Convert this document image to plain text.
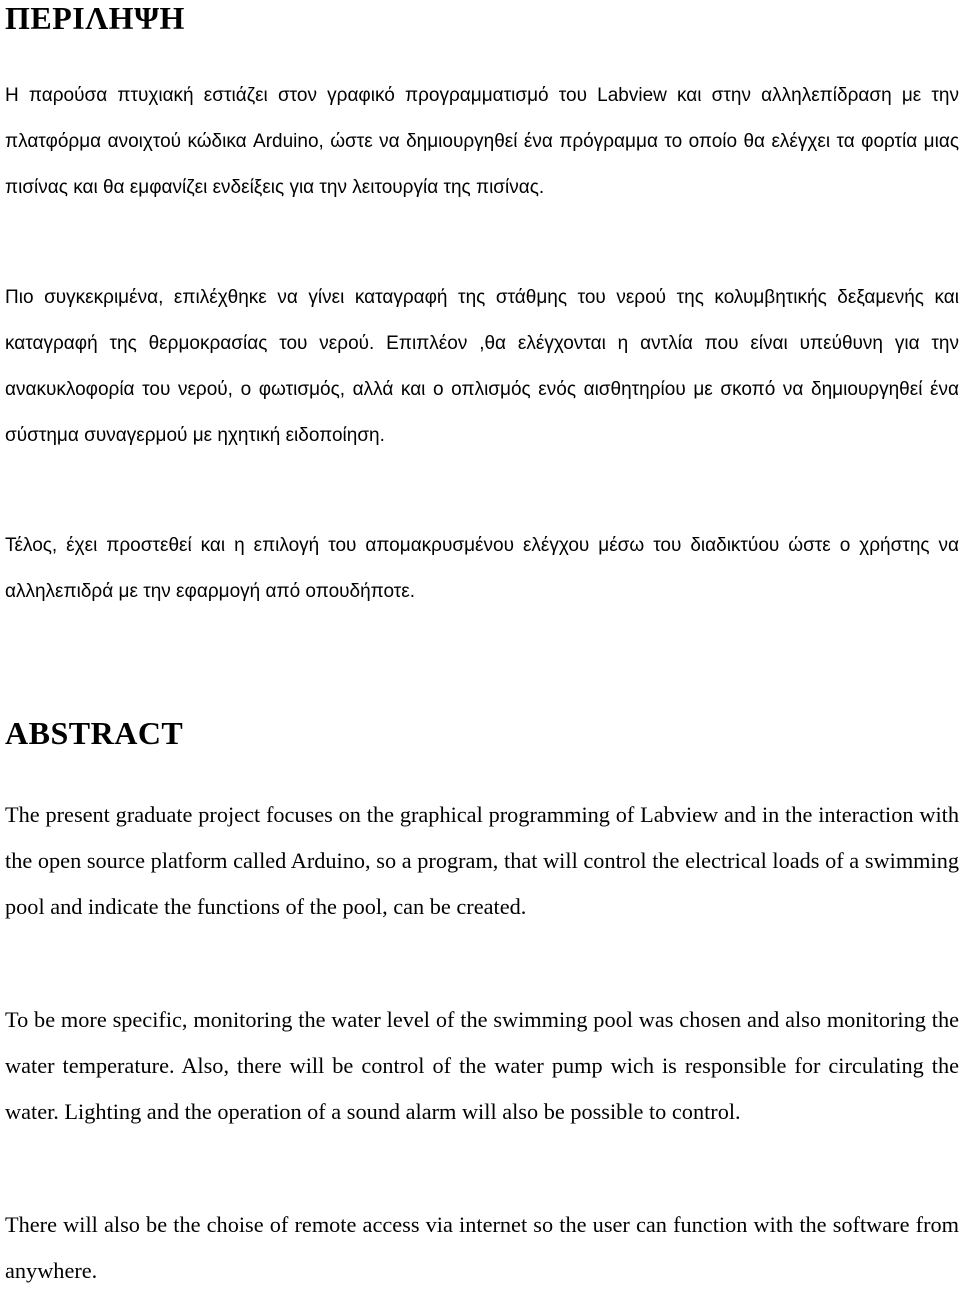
ΠΕΡΙΛΗΨΗ

Η παρούσα πτυχιακή εστιάζει στον γραφικό προγραμματισμό του Labview και στην αλληλεπίδραση με την πλατφόρμα ανοιχτού κώδικα Arduino, ώστε να δημιουργηθεί ένα πρόγραμμα το οποίο θα ελέγχει τα φορτία μιας πισίνας και θα εμφανίζει ενδείξεις για την λειτουργία της πισίνας.

Πιο συγκεκριμένα, επιλέχθηκε να γίνει καταγραφή της στάθμης του νερού της κολυμβητικής δεξαμενής και καταγραφή της θερμοκρασίας του νερού. Επιπλέον ,θα ελέγχονται η αντλία που είναι υπεύθυνη για την ανακυκλοφορία του νερού, ο φωτισμός, αλλά και ο οπλισμός ενός αισθητηρίου με σκοπό να δημιουργηθεί ένα σύστημα συναγερμού με ηχητική ειδοποίηση.

Τέλος, έχει προστεθεί και η επιλογή του απομακρυσμένου ελέγχου μέσω του διαδικτύου ώστε ο χρήστης να αλληλεπιδρά με την εφαρμογή από οπουδήποτε.

ABSTRACT

The present graduate project focuses on the graphical programming of Labview and in the interaction with the open source platform called Arduino, so a program, that will control the electrical loads of a swimming pool and indicate the functions of the pool, can be created.

To be more specific, monitoring the water level of the swimming pool was chosen and also monitoring the water temperature. Also, there will be control of the water pump wich is responsible for circulating the water. Lighting and the operation of a sound alarm will also be possible to control.

There will also be the choise of remote access via internet so the user can function with the software from anywhere.
